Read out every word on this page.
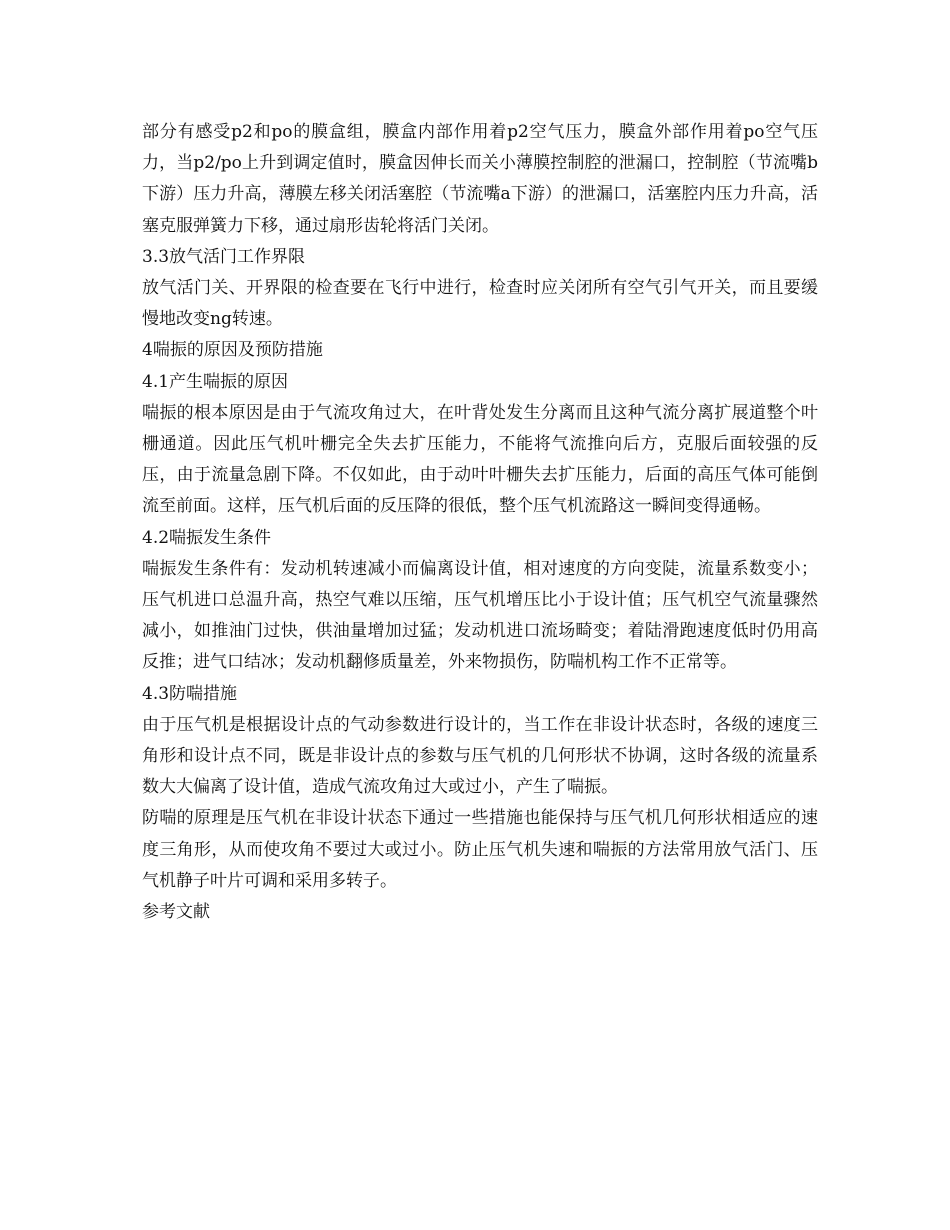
部分有感受p2和po的膜盒组，膜盒内部作用着p2空气压力，膜盒外部作用着po空气压力，当p2/po上升到调定值时，膜盒因伸长而关小薄膜控制腔的泄漏口，控制腔（节流嘴b下游）压力升高，薄膜左移关闭活塞腔（节流嘴a下游）的泄漏口，活塞腔内压力升高，活塞克服弹簧力下移，通过扇形齿轮将活门关闭。

3.3放气活门工作界限

放气活门关、开界限的检查要在飞行中进行，检查时应关闭所有空气引气开关，而且要缓慢地改变ng转速。

4喘振的原因及预防措施

4.1产生喘振的原因

喘振的根本原因是由于气流攻角过大，在叶背处发生分离而且这种气流分离扩展道整个叶栅通道。因此压气机叶栅完全失去扩压能力，不能将气流推向后方，克服后面较强的反压，由于流量急剧下降。不仅如此，由于动叶叶栅失去扩压能力，后面的高压气体可能倒流至前面。这样，压气机后面的反压降的很低，整个压气机流路这一瞬间变得通畅。

4.2喘振发生条件

喘振发生条件有：发动机转速减小而偏离设计值，相对速度的方向变陡，流量系数变小；压气机进口总温升高，热空气难以压缩，压气机增压比小于设计值；压气机空气流量骤然减小，如推油门过快，供油量增加过猛；发动机进口流场畸变；着陆滑跑速度低时仍用高反推；进气口结冰；发动机翻修质量差，外来物损伤，防喘机构工作不正常等。

4.3防喘措施

由于压气机是根据设计点的气动参数进行设计的，当工作在非设计状态时，各级的速度三角形和设计点不同，既是非设计点的参数与压气机的几何形状不协调，这时各级的流量系数大大偏离了设计值，造成气流攻角过大或过小，产生了喘振。

防喘的原理是压气机在非设计状态下通过一些措施也能保持与压气机几何形状相适应的速度三角形，从而使攻角不要过大或过小。防止压气机失速和喘振的方法常用放气活门、压气机静子叶片可调和采用多转子。

参考文献
